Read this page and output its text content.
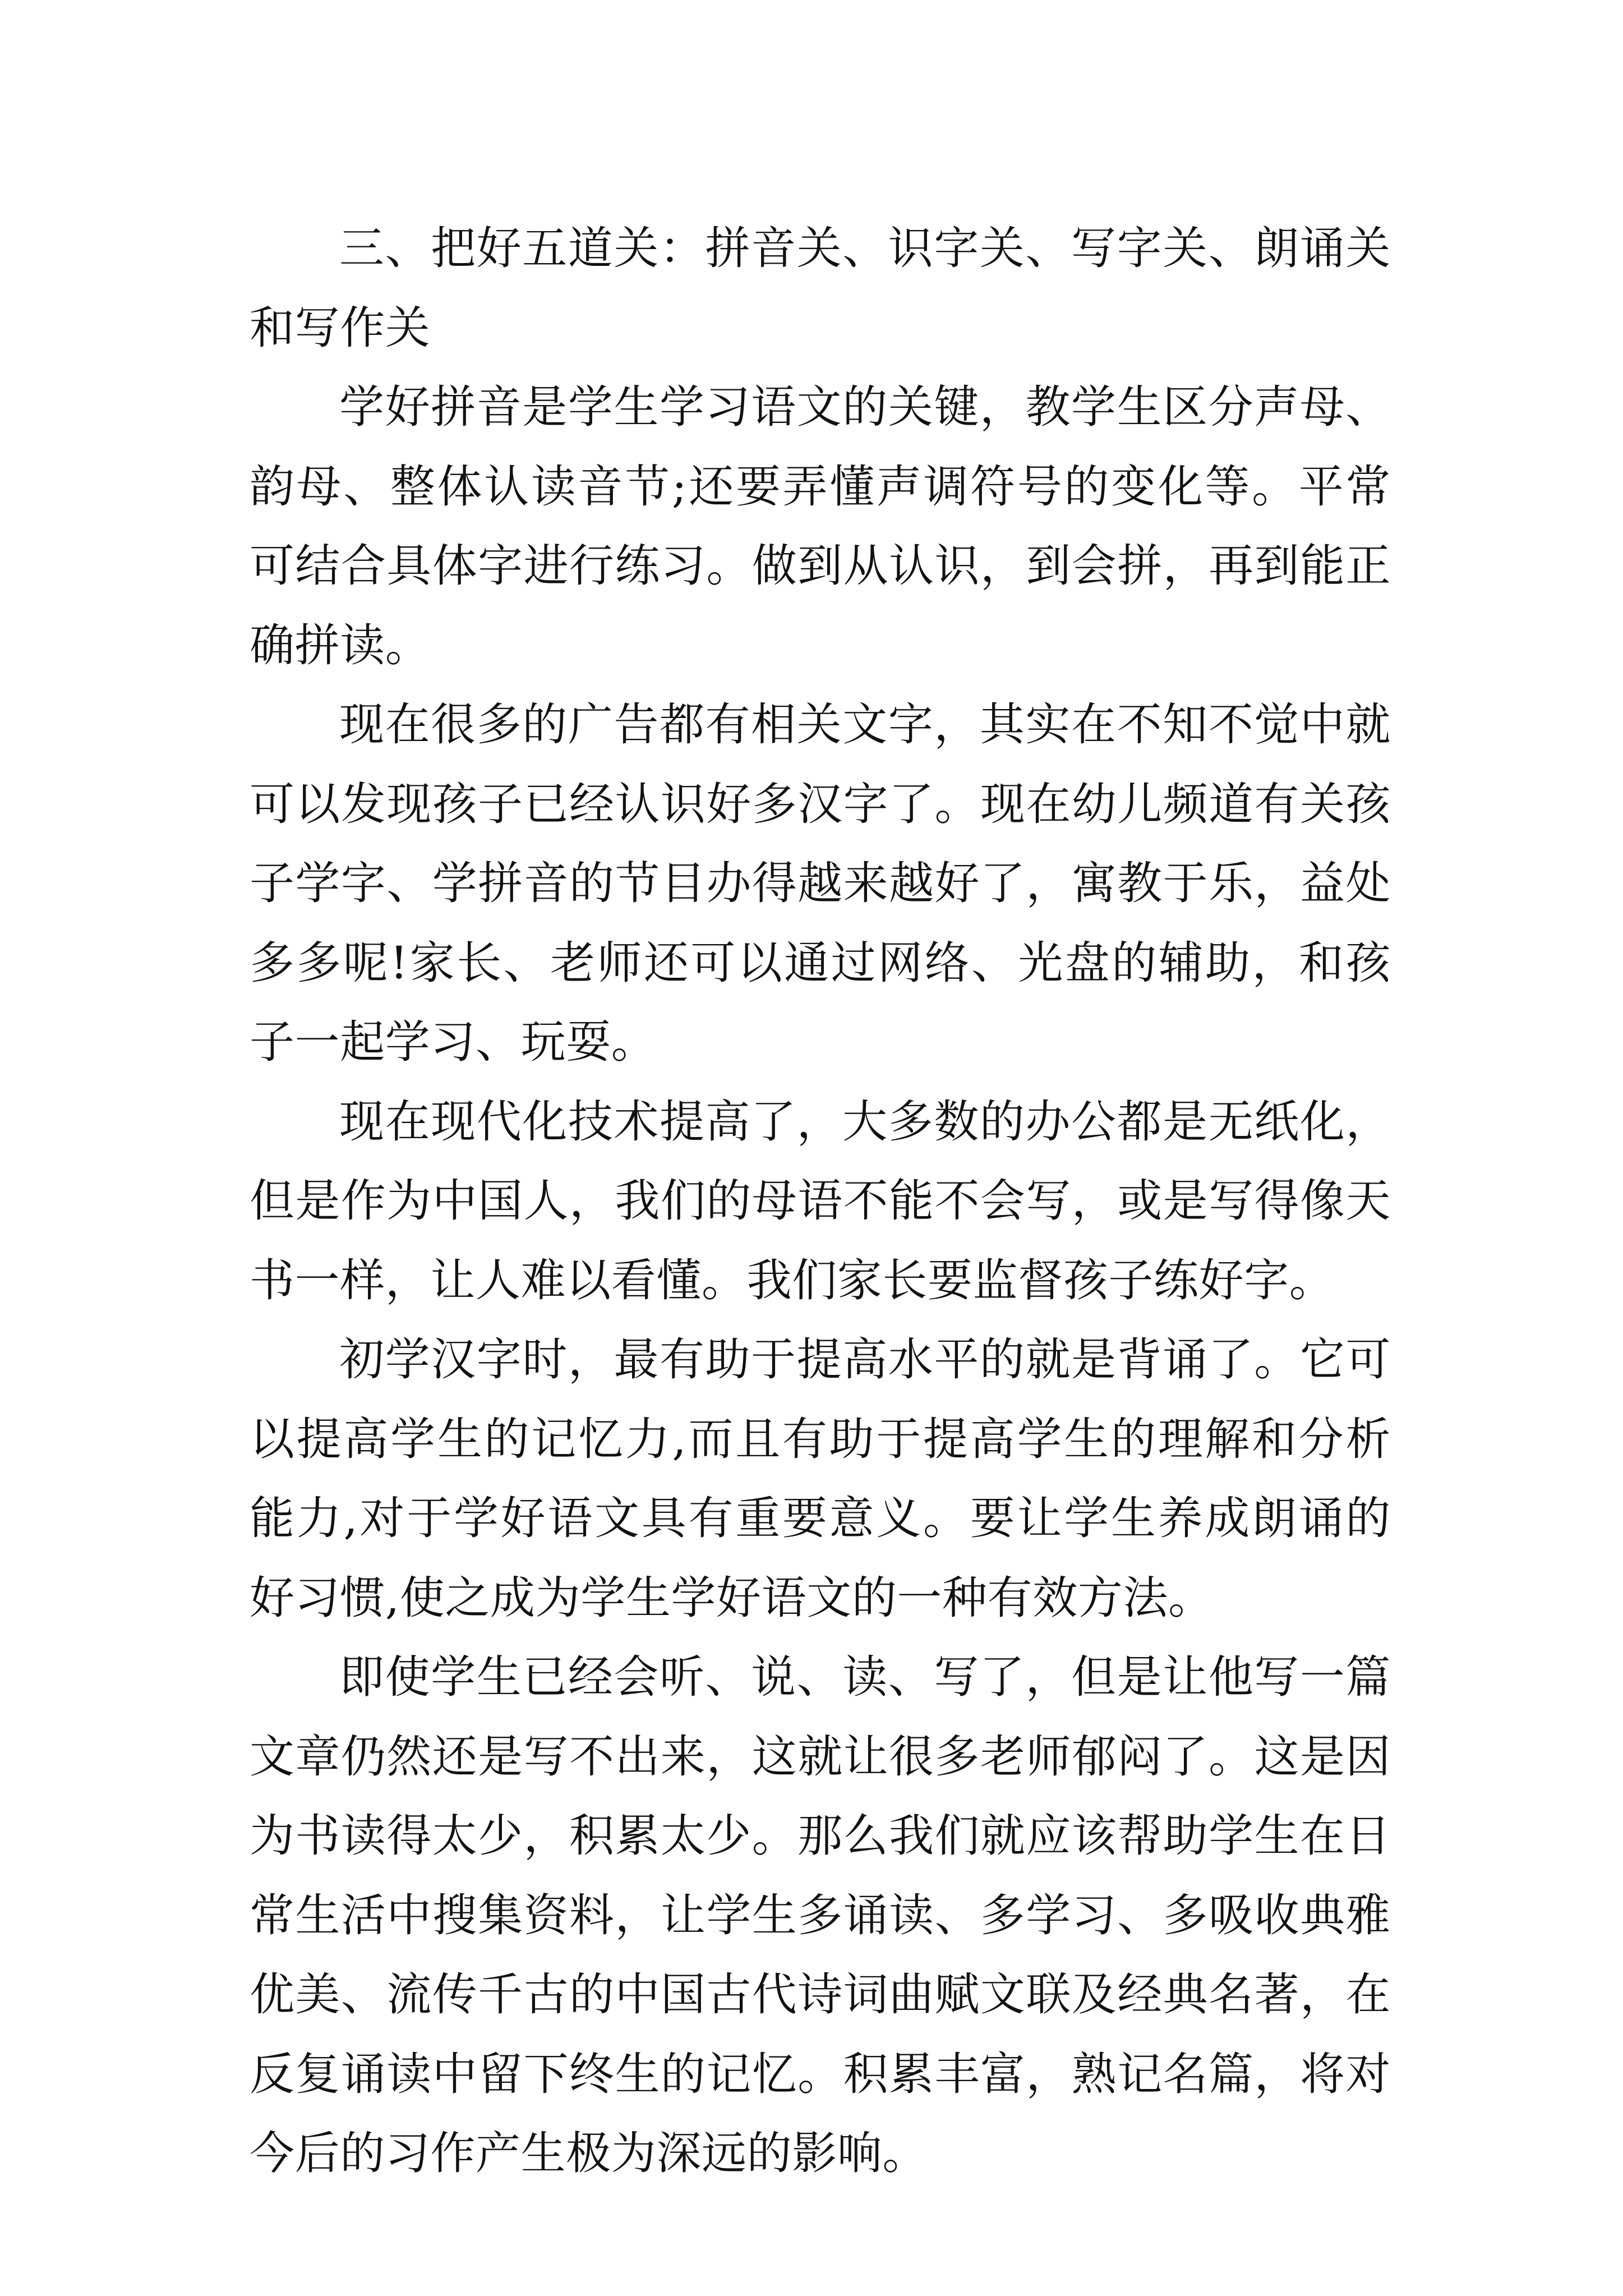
三、把好五道关：拼音关、识字关、写字关、朗诵关和写作关

学好拼音是学生学习语文的关键，教学生区分声母、韵母、整体认读音节;还要弄懂声调符号的变化等。平常可结合具体字进行练习。做到从认识，到会拼，再到能正确拼读。

现在很多的广告都有相关文字，其实在不知不觉中就可以发现孩子已经认识好多汉字了。现在幼儿频道有关孩子学字、学拼音的节目办得越来越好了，寓教于乐，益处多多呢!家长、老师还可以通过网络、光盘的辅助，和孩子一起学习、玩耍。

现在现代化技术提高了，大多数的办公都是无纸化，但是作为中国人，我们的母语不能不会写，或是写得像天书一样，让人难以看懂。我们家长要监督孩子练好字。

初学汉字时，最有助于提高水平的就是背诵了。它可以提高学生的记忆力,而且有助于提高学生的理解和分析能力,对于学好语文具有重要意义。要让学生养成朗诵的好习惯,使之成为学生学好语文的一种有效方法。

即使学生已经会听、说、读、写了，但是让他写一篇文章仍然还是写不出来，这就让很多老师郁闷了。这是因为书读得太少，积累太少。那么我们就应该帮助学生在日常生活中搜集资料，让学生多诵读、多学习、多吸收典雅优美、流传千古的中国古代诗词曲赋文联及经典名著，在反复诵读中留下终生的记忆。积累丰富，熟记名篇，将对今后的习作产生极为深远的影响。
